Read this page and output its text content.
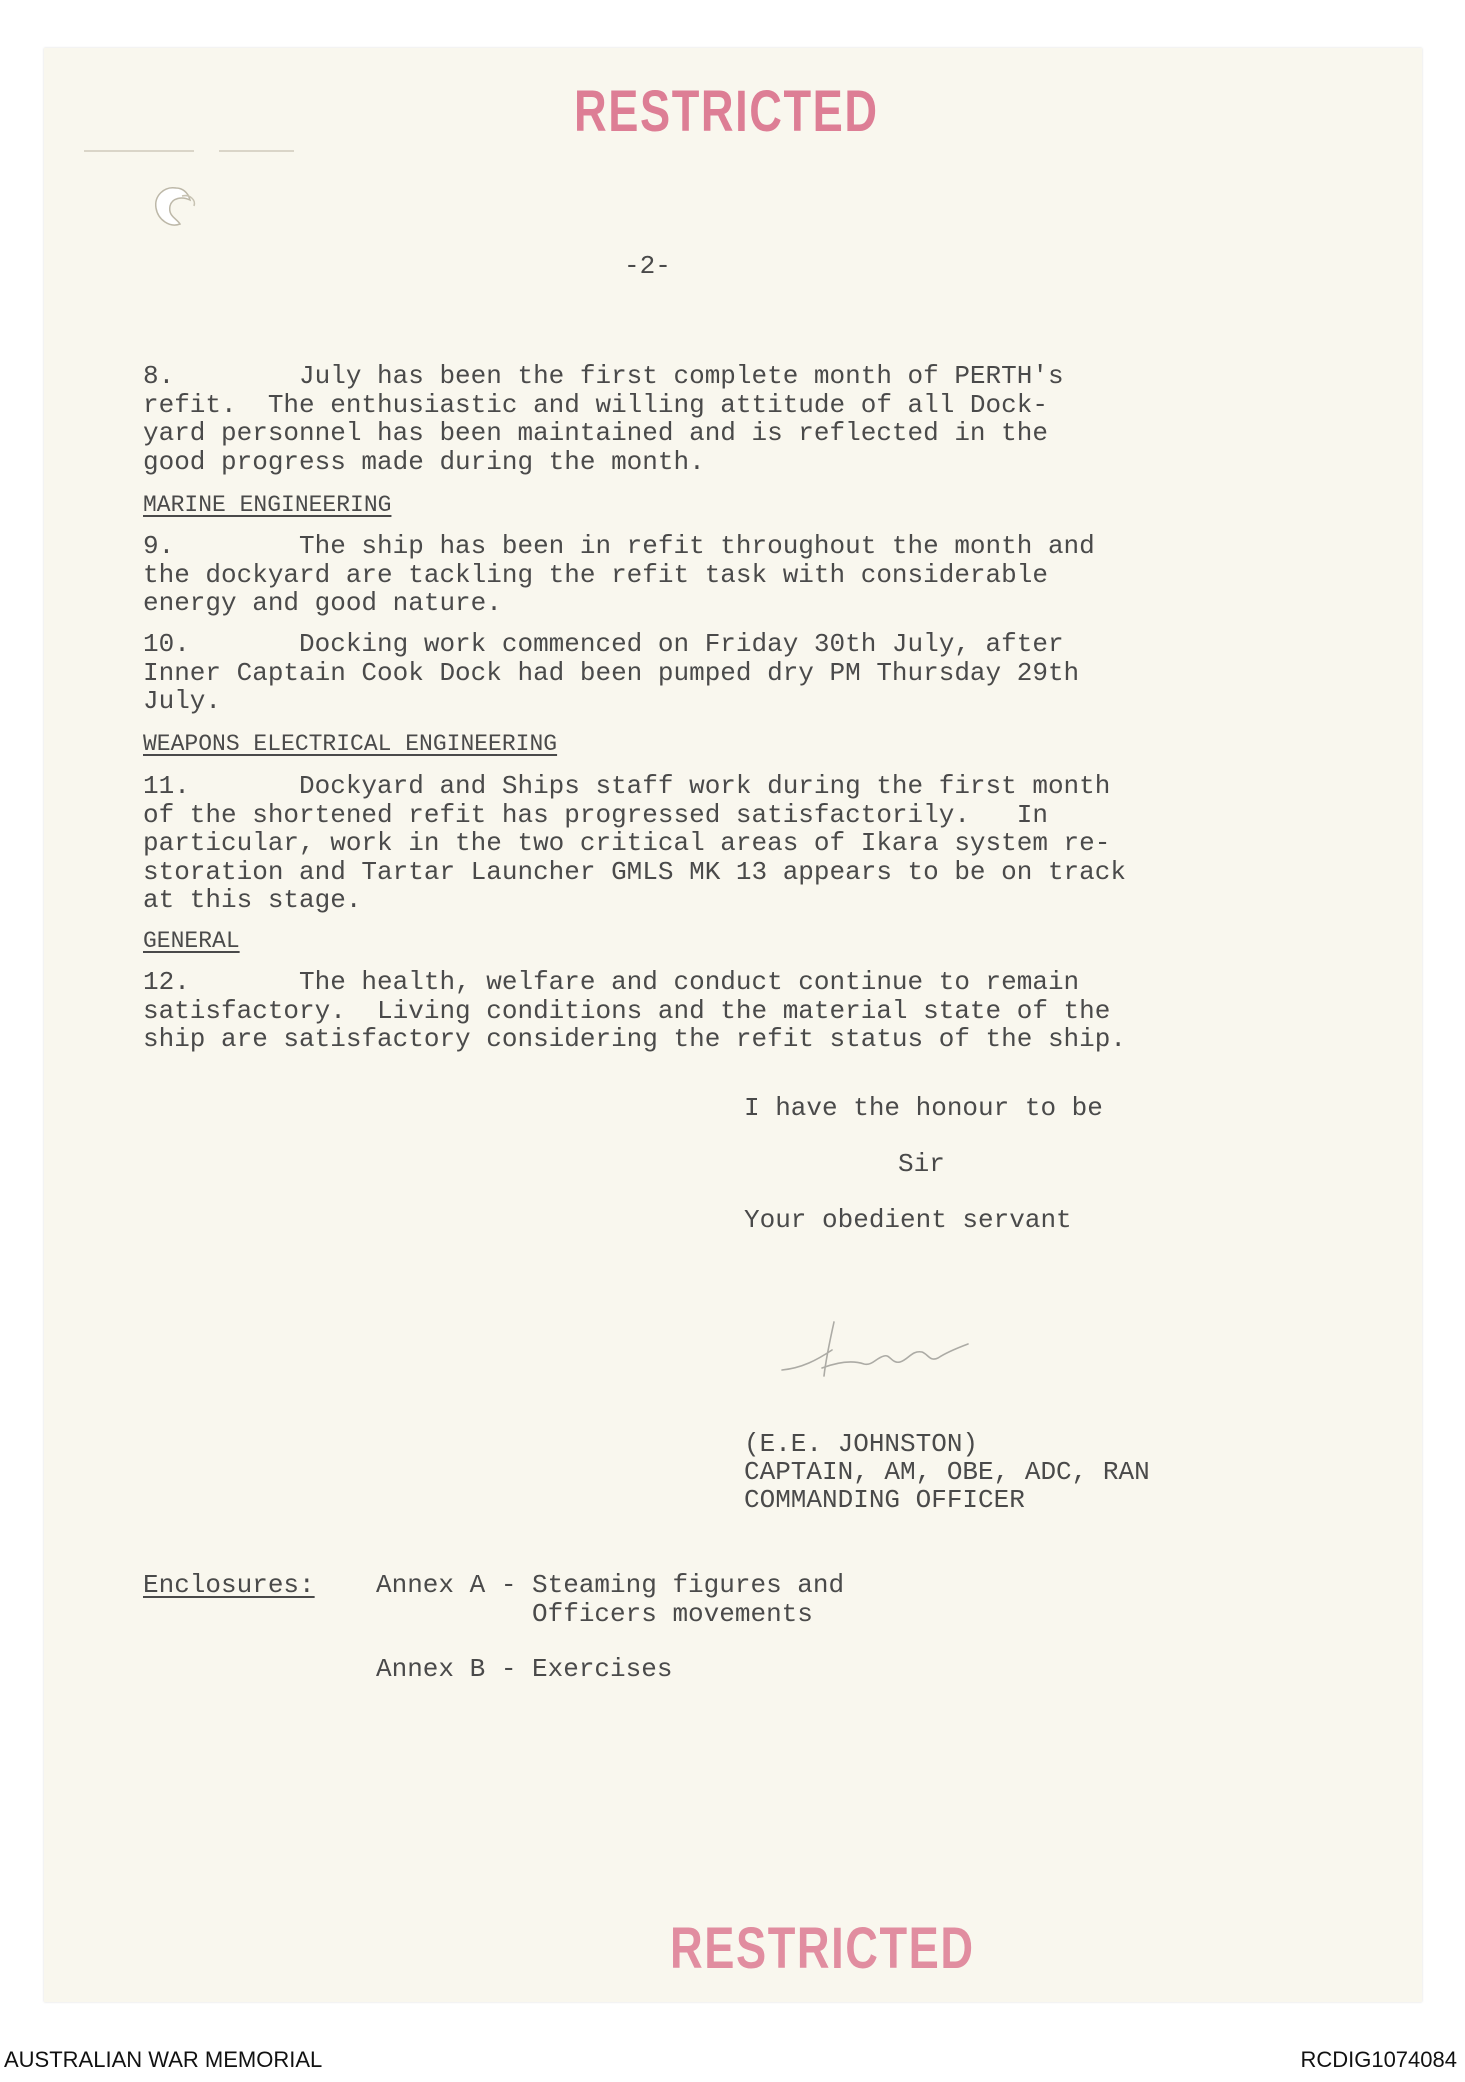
RESTRICTED
-2-
8.        July has been the first complete month of PERTH's
refit.  The enthusiastic and willing attitude of all Dock-
yard personnel has been maintained and is reflected in the
good progress made during the month.
MARINE ENGINEERING
9.        The ship has been in refit throughout the month and
the dockyard are tackling the refit task with considerable
energy and good nature.
10.       Docking work commenced on Friday 30th July, after
Inner Captain Cook Dock had been pumped dry PM Thursday 29th
July.
WEAPONS ELECTRICAL ENGINEERING
11.       Dockyard and Ships staff work during the first month
of the shortened refit has progressed satisfactorily.   In
particular, work in the two critical areas of Ikara system re-
storation and Tartar Launcher GMLS MK 13 appears to be on track
at this stage.
GENERAL
12.       The health, welfare and conduct continue to remain
satisfactory.  Living conditions and the material state of the
ship are satisfactory considering the refit status of the ship.
I have the honour to be
Sir
Your obedient servant
(E.E. JOHNSTON)
CAPTAIN, AM, OBE, ADC, RAN
COMMANDING OFFICER
Enclosures: Annex A - Steaming figures and
Officers movements
Annex B - Exercises
RESTRICTED
AUSTRALIAN WAR MEMORIAL	RCDIG1074084
